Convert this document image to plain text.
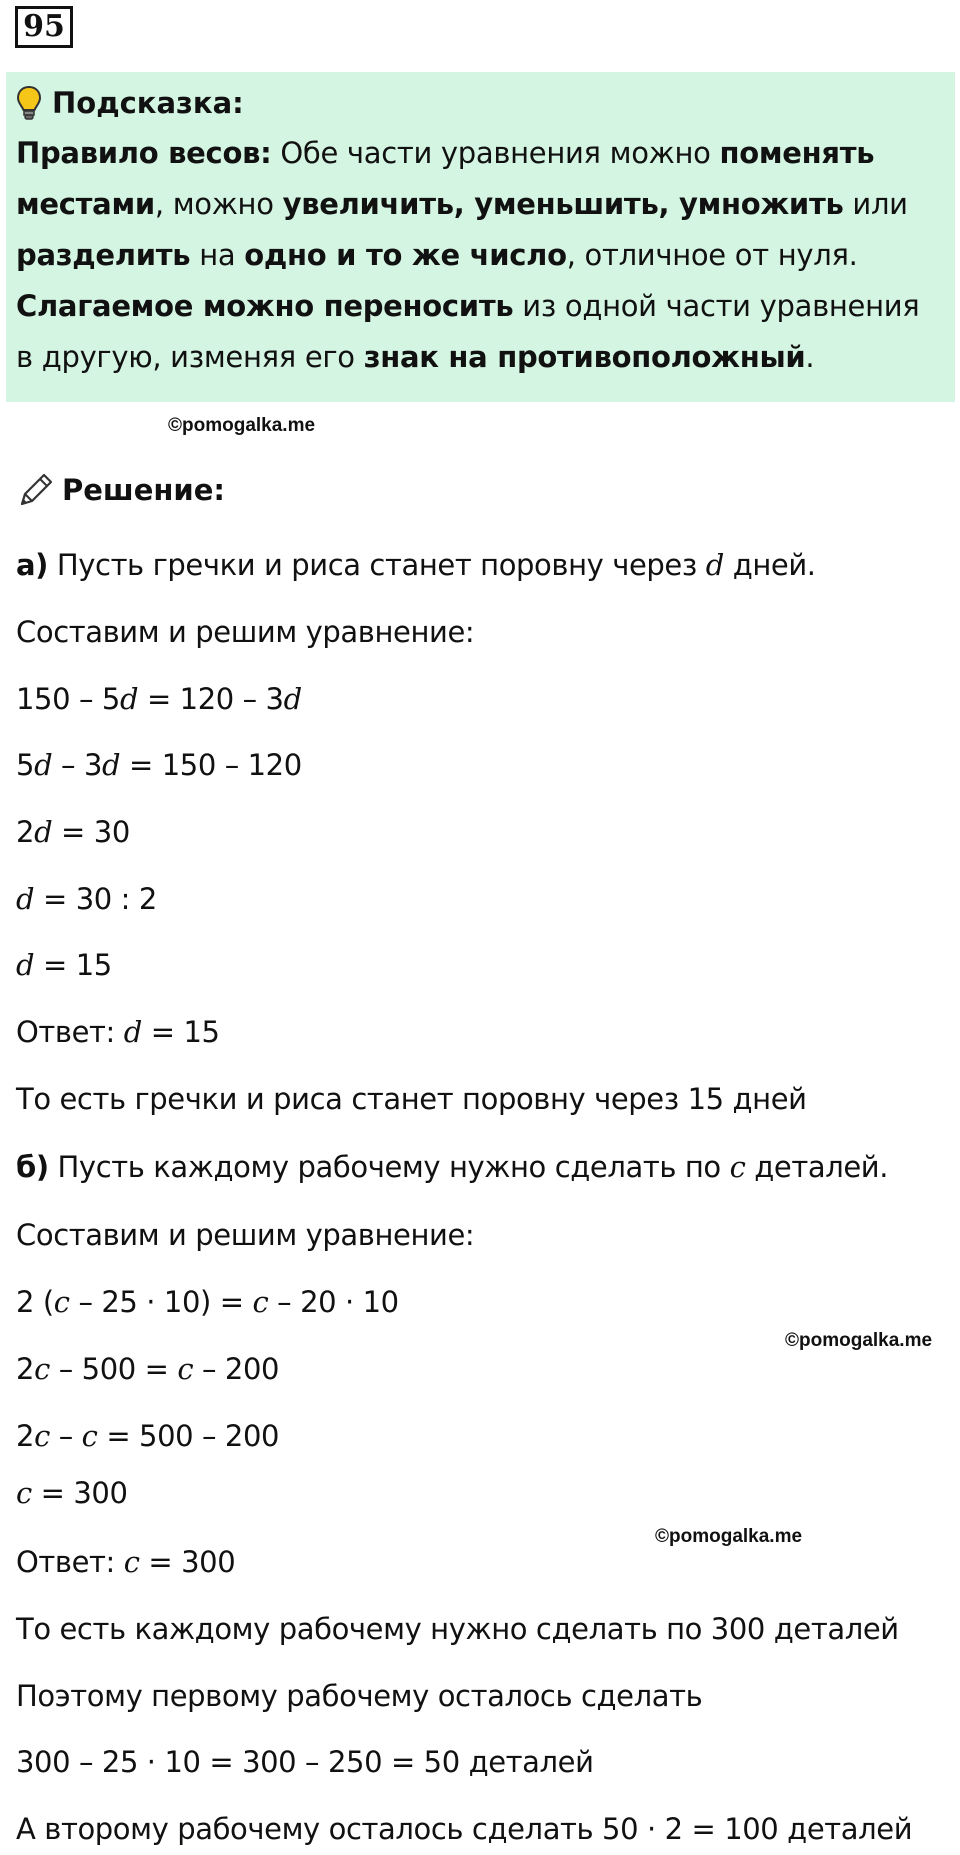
95
Подсказка:
Правило весов: Обе части уравнения можно поменять местами, можно увеличить, уменьшить, умножить или разделить на одно и то же число, отличное от нуля. Слагаемое можно переносить из одной части уравнения в другую, изменяя его знак на противоположный.
©pomogalka.me
©pomogalka.me
©pomogalka.me
Решение:
а) Пусть гречки и риса станет поровну через d дней.
Составим и решим уравнение:
150 – 5d = 120 – 3d
5d – 3d = 150 – 120
2d = 30
d = 30 : 2
d = 15
Ответ: d = 15
То есть гречки и риса станет поровну через 15 дней
б) Пусть каждому рабочему нужно сделать по c деталей.
Составим и решим уравнение:
2 (c – 25 · 10) = c – 20 · 10
2c – 500 = c – 200
2c – c = 500 – 200
c = 300
Ответ: c = 300
То есть каждому рабочему нужно сделать по 300 деталей
Поэтому первому рабочему осталось сделать
300 – 25 · 10 = 300 – 250 = 50 деталей
А второму рабочему осталось сделать 50 · 2 = 100 деталей
